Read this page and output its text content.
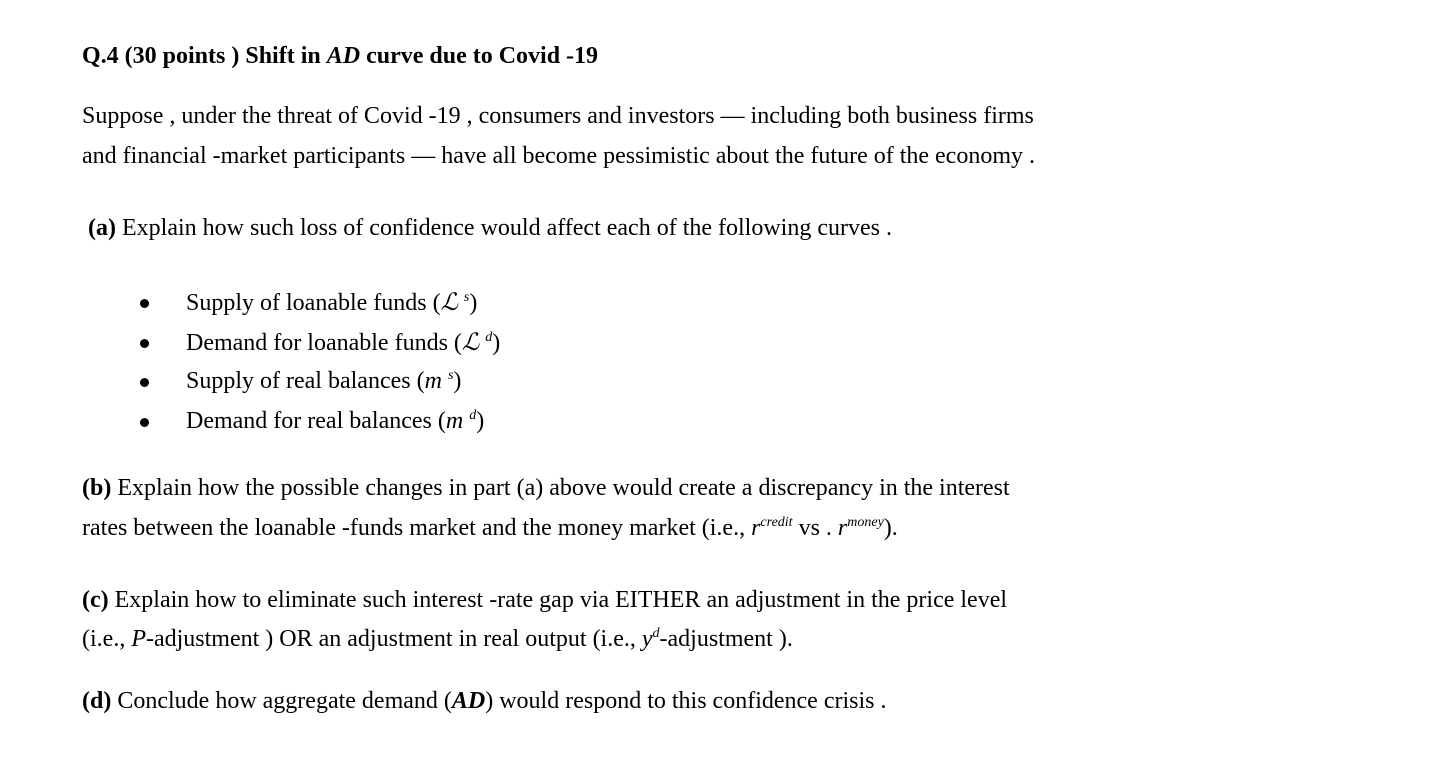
Q.4 (30 points ) Shift in AD curve due to Covid -19
Suppose , under the threat of Covid -19 , consumers and investors — including both business firms
and financial -market participants — have all become pessimistic about the future of the economy .
(a) Explain how such loss of confidence would affect each of the following curves .
Supply of loanable funds (ℒ $^s$)
Demand for loanable funds (ℒ $^d$)
Supply of real balances (m $^s$)
Demand for real balances (m $^d$)
(b) Explain how the possible changes in part (a) above would create a discrepancy in the interest
rates between the loanable -funds market and the money market (i.e., $r^{credit}$ vs . $r^{money}$).
(c) Explain how to eliminate such interest -rate gap via EITHER an adjustment in the price level
(i.e., P-adjustment ) OR an adjustment in real output (i.e., $y^d$-adjustment ).
(d) Conclude how aggregate demand (AD) would respond to this confidence crisis .
